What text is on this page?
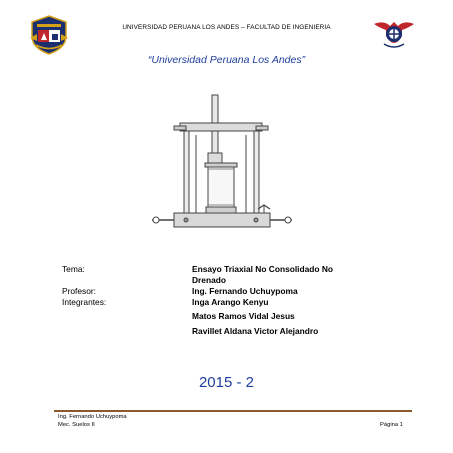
UNIVERSIDAD PERUANA LOS ANDES – FACULTAD DE INGENIERIA
“Universidad Peruana Los Andes”
Tema:	Ensayo Triaxial No Consolidado No
Drenado
Profesor:	Ing. Fernando Uchuypoma
Integrantes:	Inga Arango Kenyu
Matos Ramos Vidal Jesus
Ravillet Aldana Victor Alejandro
2015 - 2
Ing. Fernando Uchuypoma
Mec. Suelos II	Página 1
